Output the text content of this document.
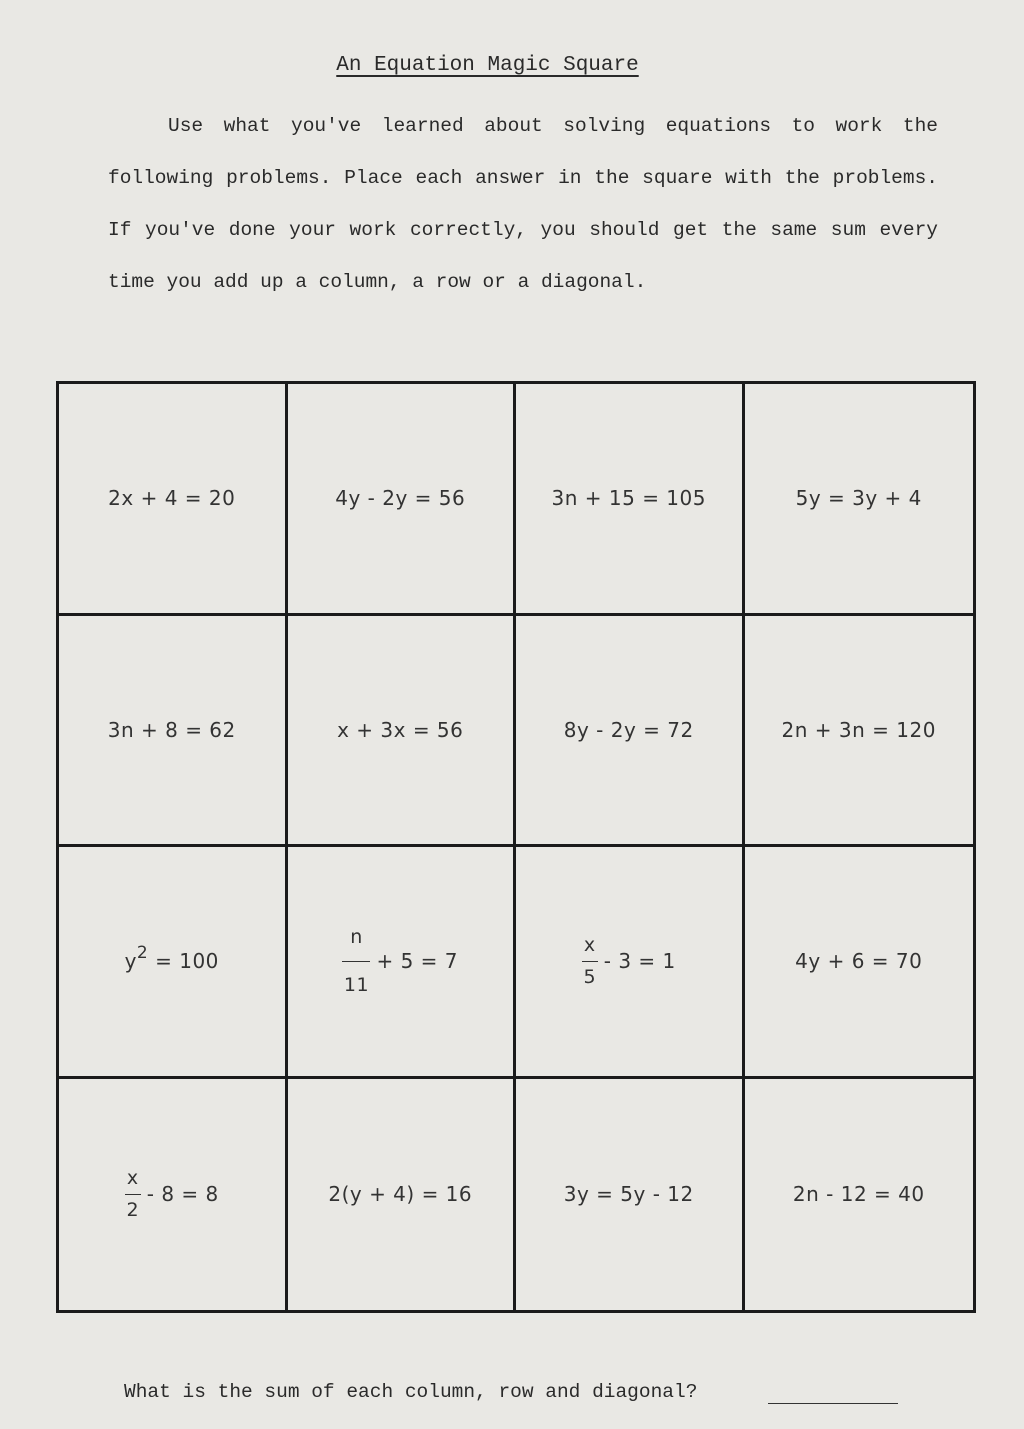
An Equation Magic Square
Use what you've learned about solving equations to work the following problems. Place each answer in the square with the problems. If you've done your work correctly, you should get the same sum every time you add up a column, a row or a diagonal.
2x + 4 = 20	4y - 2y = 56	3n + 15 = 105	5y = 3y + 4
3n + 8 = 62	x + 3x = 56	8y - 2y = 72	2n + 3n = 120
$y^2 = 100$	$\frac{n}{11} + 5 = 7$	$\frac{x}{5} - 3 = 1$	4y + 6 = 70
$\frac{x}{2} - 8 = 8$	2(y + 4) = 16	3y = 5y - 12	2n - 12 = 40
What is the sum of each column, row and diagonal?
